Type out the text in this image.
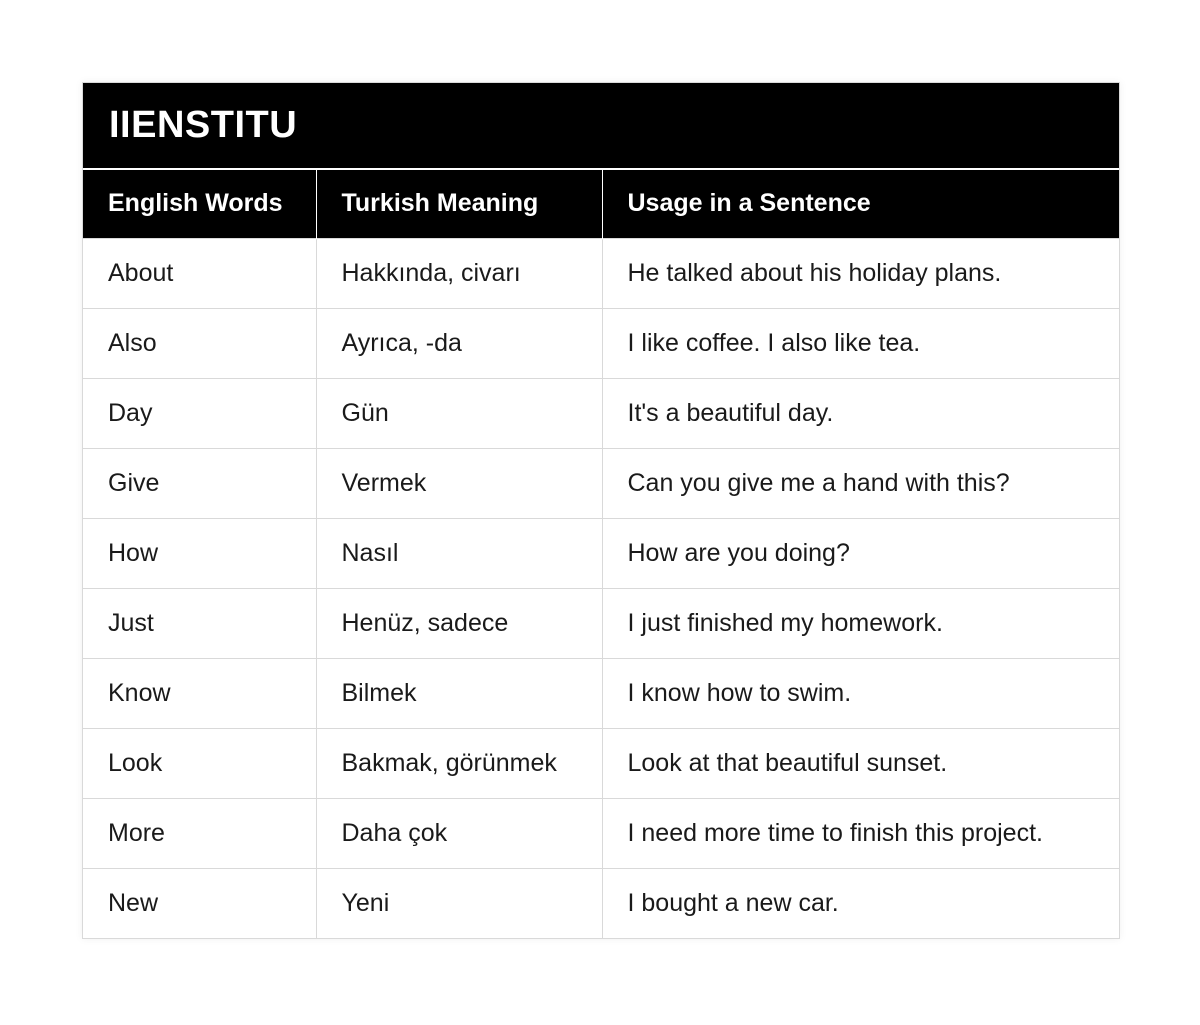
IIENSTITU
English Words	Turkish Meaning	Usage in a Sentence
About	Hakkında, civarı	He talked about his holiday plans.
Also	Ayrıca, -da	I like coffee. I also like tea.
Day	Gün	It's a beautiful day.
Give	Vermek	Can you give me a hand with this?
How	Nasıl	How are you doing?
Just	Henüz, sadece	I just finished my homework.
Know	Bilmek	I know how to swim.
Look	Bakmak, görünmek	Look at that beautiful sunset.
More	Daha çok	I need more time to finish this project.
New	Yeni	I bought a new car.
